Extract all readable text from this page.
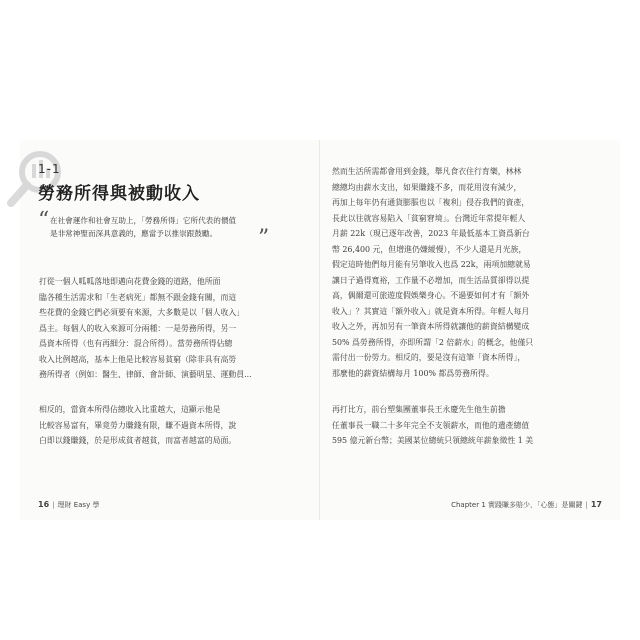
1-1
勞務所得與被動收入
“ 在社會運作和社會互助上，「勞務所得」它所代表的價值

是非常神聖而深具意義的，應當予以推崇跟鼓勵。	”

打從一個人呱呱落地即邁向花費金錢的道路，他所面

臨各種生活需求和「生老病死」都無不跟金錢有關，而這

些花費的金錢它們必須要有來源，大多數是以「個人收入」

爲主。每個人的收入來源可分兩種：一是勞務所得，另一

爲資本所得（也有再細分：混合所得）。當勞務所得佔總

收入比例越高，基本上他是比較容易貧窮（除非具有高勞

務所得者（例如：醫生、律師、會計師、演藝明星、運動員...

相反的，當資本所得佔總收入比重越大，這顯示他是

比較容易富有，畢竟勞力賺錢有限，賺不過資本所得，說

白即以錢賺錢，於是形成貧者越貧，而富者越富的局面。

16 | 理財 Easy 學

然而生活所需都會用到金錢，舉凡食衣住行育樂，林林

總總均由薪水支出，如果賺錢不多，而花用沒有減少，

再加上每年仍有通貨膨脹也以「複利」侵吞我們的資產，

長此以往就容易陷入「貧窮窘境」。台灣近年常提年輕人

月薪 22k（現已逐年改善，2023 年最低基本工資爲新台

幣 26,400 元，但增進仍嫌緩慢），不少人還是月光族，

假定這時他們每月能有另筆收入也爲 22k，兩項加總就易

讓日子過得寬裕，工作量不必增加，而生活品質卻得以提

高，偶爾還可旅遊度假娛樂身心。不過要如何才有「額外

收入」？其實這「額外收入」就是資本所得。年輕人每月

收入之外，再加另有一筆資本所得就讓他的薪資結構變成

50% 爲勞務所得，亦即所謂「2 倍薪水」的概念，他僅只

需付出一份勞力。相反的，要是沒有這筆「資本所得」，

那麼他的薪資結構每月 100% 都爲勞務所得。

再打比方，前台塑集團董事長王永慶先生他生前擔

任董事長一職二十多年完全不支領薪水，而他的遺產總值

595 億元新台幣；美國某位總統只領總統年薪象徵性 1 美

Chapter 1 實踐賺多賠少，「心態」是關鍵 | 17
